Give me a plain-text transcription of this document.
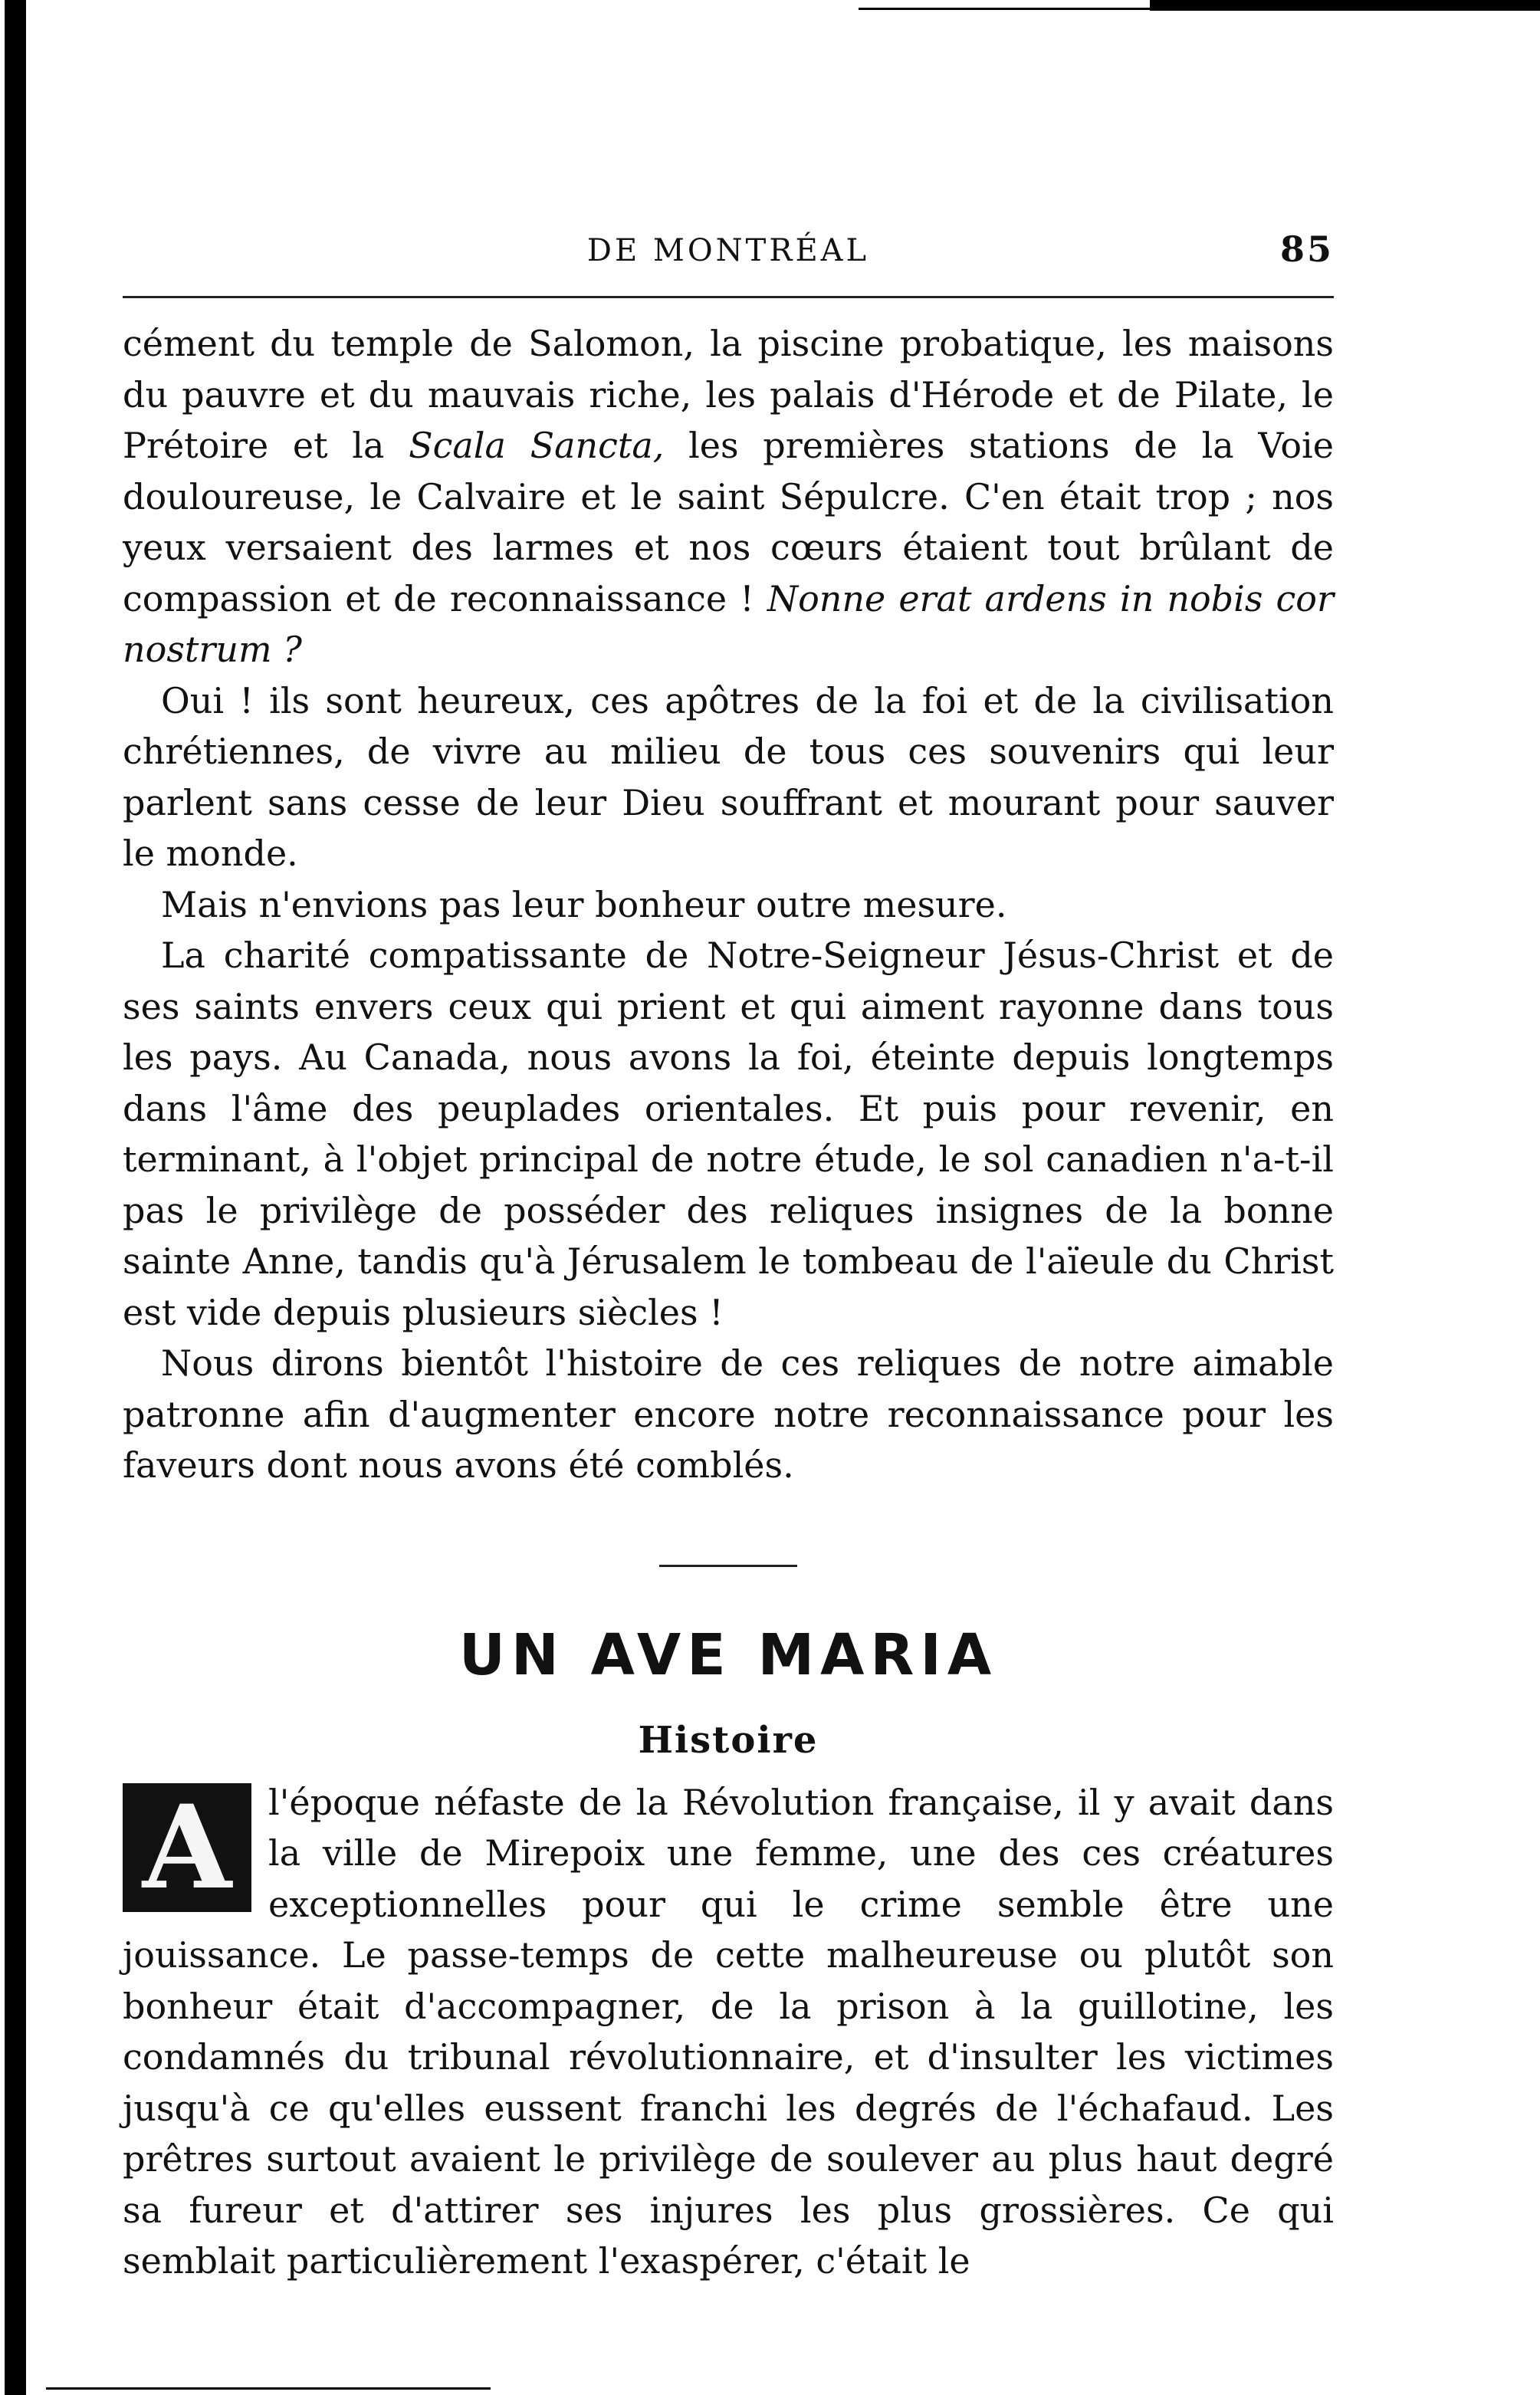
DE MONTRÉAL	85

cément du temple de Salomon, la piscine probatique, les maisons du pauvre et du mauvais riche, les palais d'Hérode et de Pilate, le Prétoire et la Scala Sancta, les premières stations de la Voie douloureuse, le Calvaire et le saint Sépulcre. C'en était trop ; nos yeux versaient des larmes et nos cœurs étaient tout brûlant de compassion et de reconnaissance ! Nonne erat ardens in nobis cor nostrum ?

Oui ! ils sont heureux, ces apôtres de la foi et de la civilisation chrétiennes, de vivre au milieu de tous ces souvenirs qui leur parlent sans cesse de leur Dieu souffrant et mourant pour sauver le monde.

Mais n'envions pas leur bonheur outre mesure.

La charité compatissante de Notre-Seigneur Jésus-Christ et de ses saints envers ceux qui prient et qui aiment rayonne dans tous les pays. Au Canada, nous avons la foi, éteinte depuis longtemps dans l'âme des peuplades orientales. Et puis pour revenir, en terminant, à l'objet principal de notre étude, le sol canadien n'a-t-il pas le privilège de posséder des reliques insignes de la bonne sainte Anne, tandis qu'à Jérusalem le tombeau de l'aïeule du Christ est vide depuis plusieurs siècles !

Nous dirons bientôt l'histoire de ces reliques de notre aimable patronne afin d'augmenter encore notre reconnaissance pour les faveurs dont nous avons été comblés.

UN AVE MARIA
Histoire
A	l'époque néfaste de la Révolution française, il y avait dans la ville de Mirepoix une femme, une des ces créatures exceptionnelles pour qui le crime semble être une jouissance. Le passe-temps de cette malheureuse ou plutôt son bonheur était d'accompagner, de la prison à la guillotine, les condamnés du tribunal révolutionnaire, et d'insulter les victimes jusqu'à ce qu'elles eussent franchi les degrés de l'échafaud. Les prêtres surtout avaient le privilège de soulever au plus haut degré sa fureur et d'attirer ses injures les plus grossières. Ce qui semblait particulièrement l'exaspérer, c'était le
